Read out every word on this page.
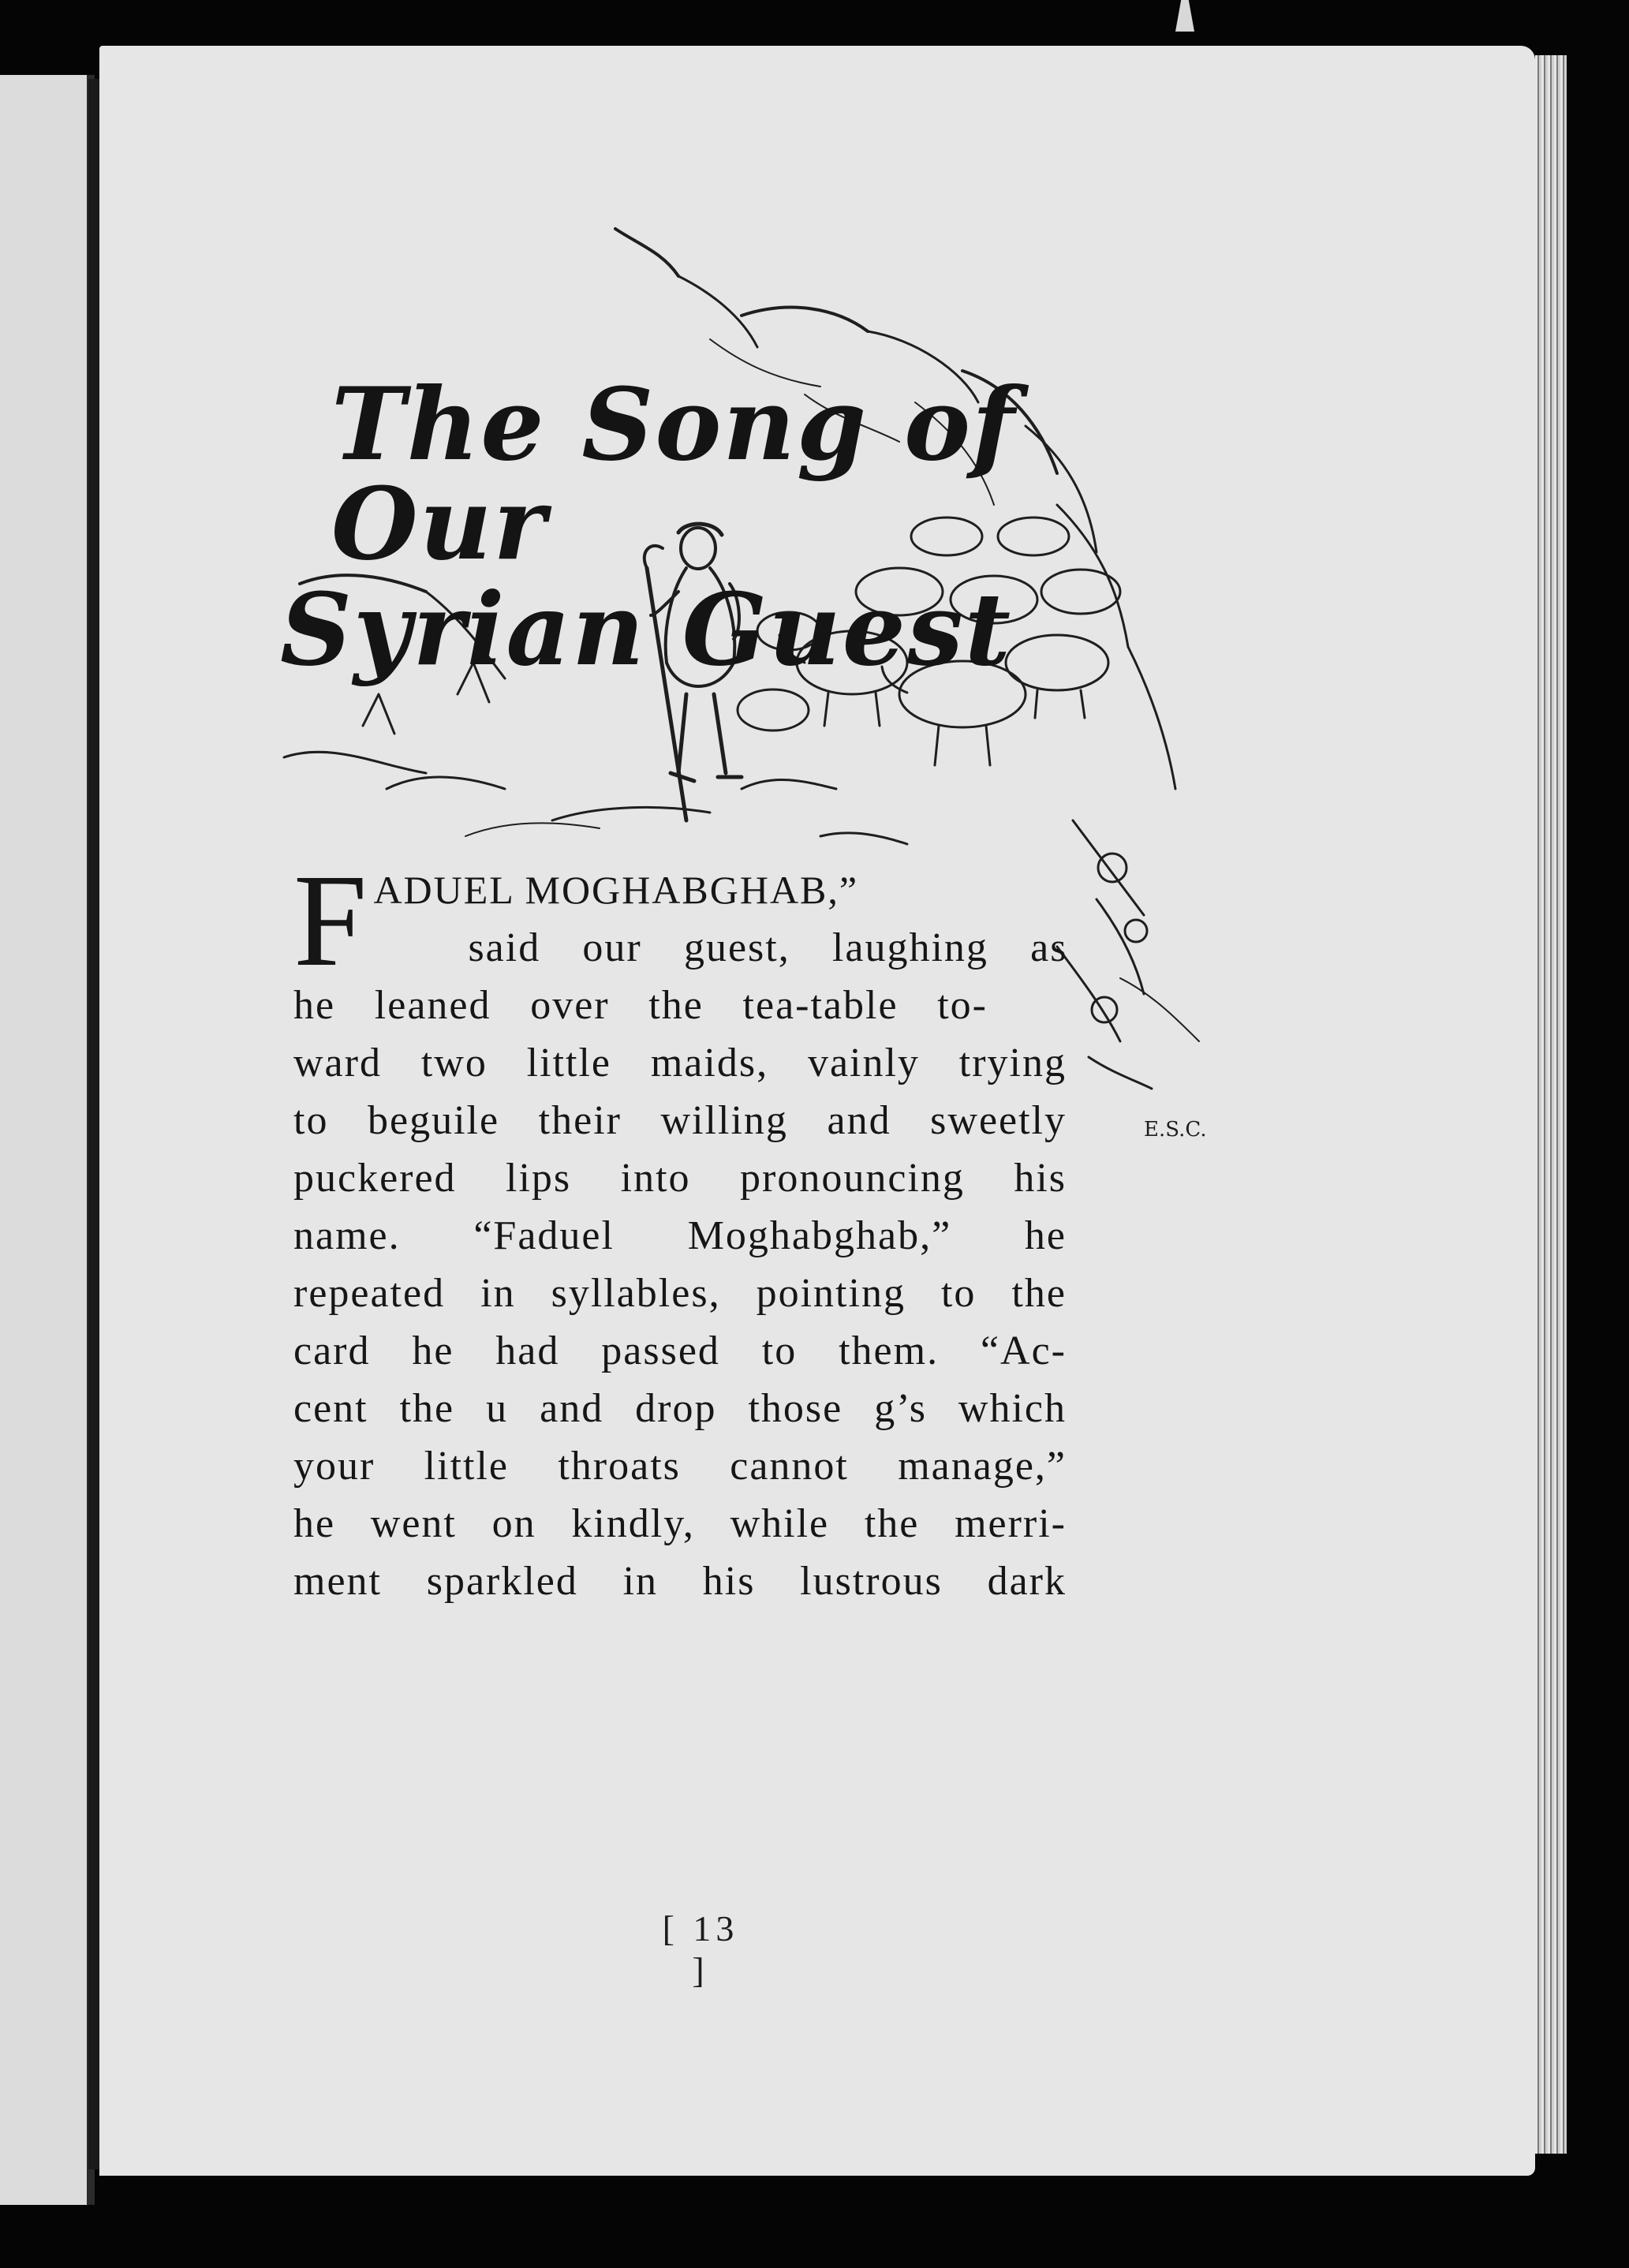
E.S.C.
The Song of Our
Syrian Guest
F ADUEL MOGHABGHAB,”
said our guest, laughing as
he leaned over the tea-table to-
ward two little maids, vainly trying
to beguile their willing and sweetly
puckered lips into pronouncing his
name. “Faduel Moghabghab,” he
repeated in syllables, pointing to the
card he had passed to them. “Ac-
cent the u and drop those g’s which
your little throats cannot manage,”
he went on kindly, while the merri-
ment sparkled in his lustrous dark
[ 13 ]
